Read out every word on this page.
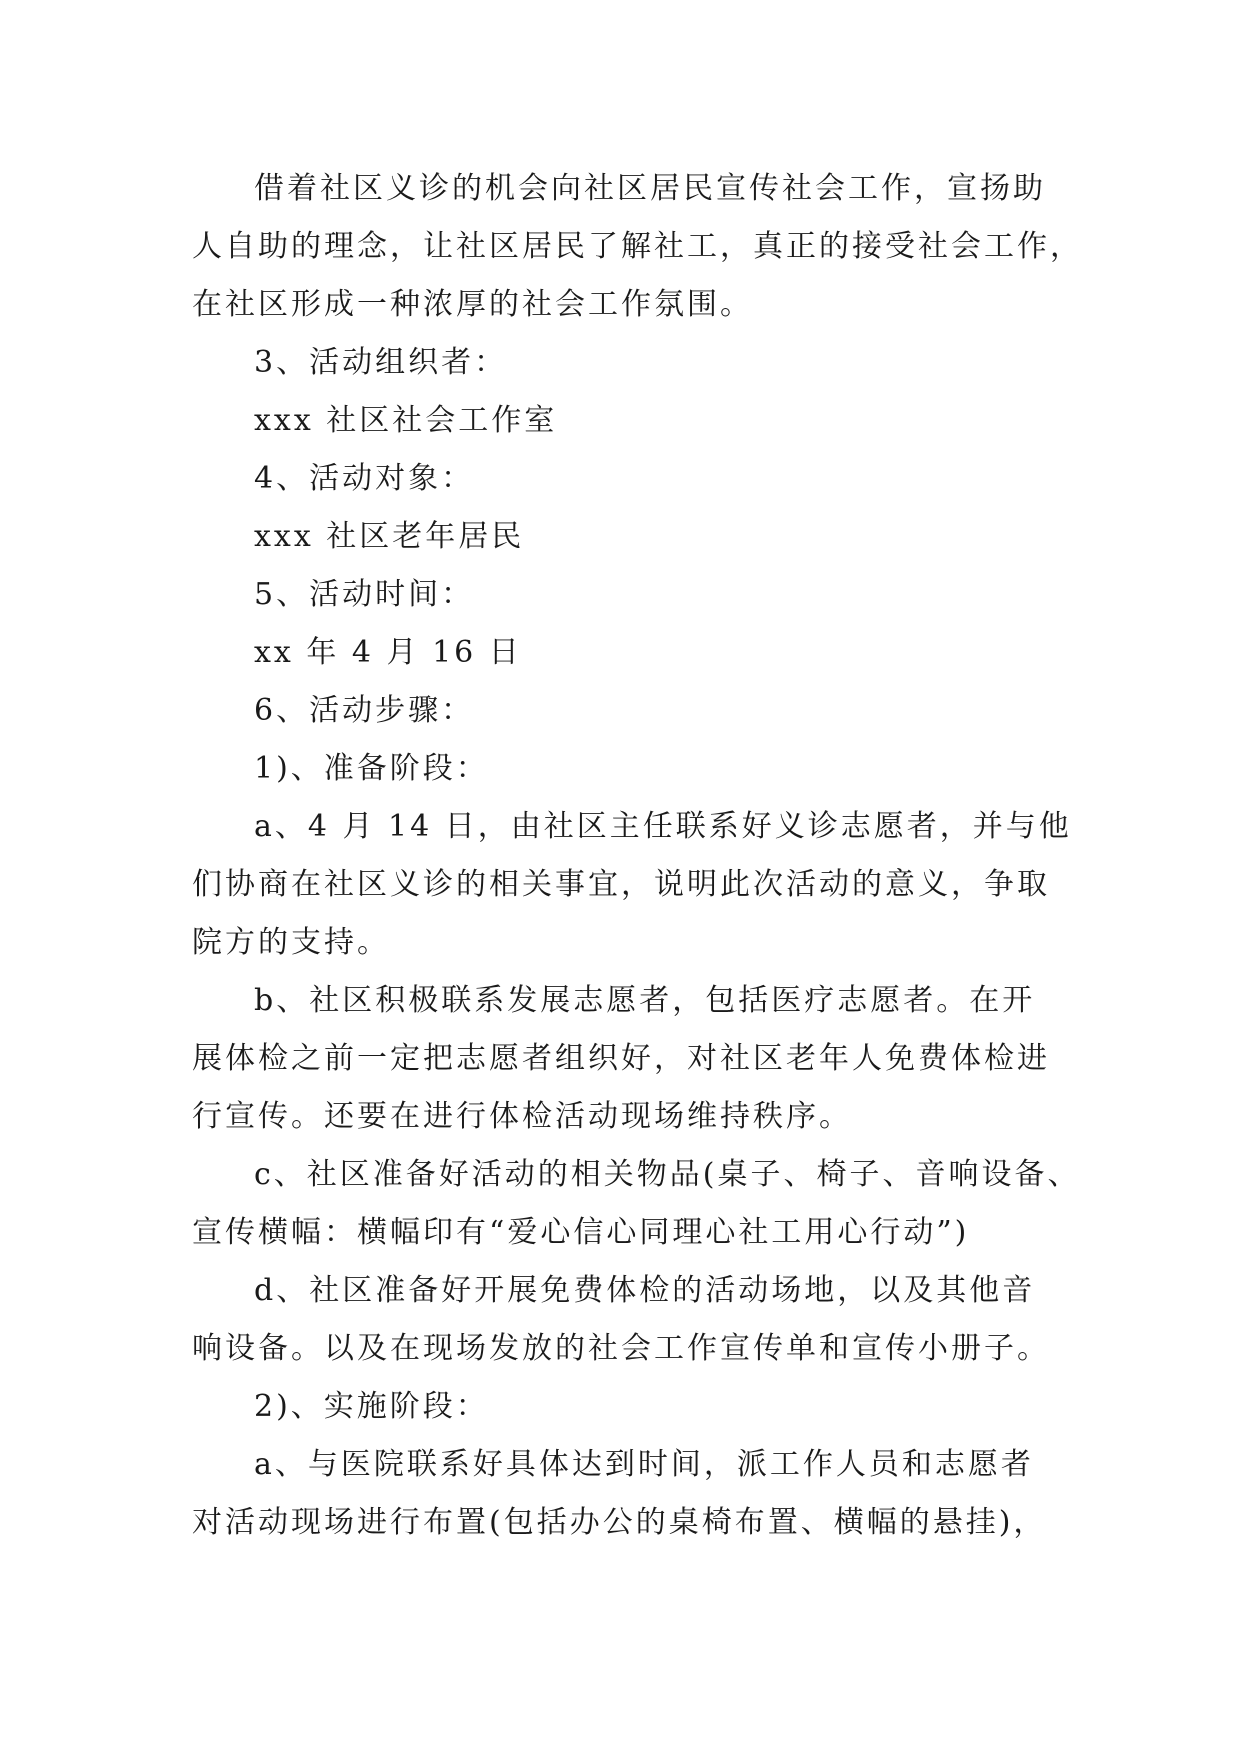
借着社区义诊的机会向社区居民宣传社会工作，宣扬助
人自助的理念，让社区居民了解社工，真正的接受社会工作，
在社区形成一种浓厚的社会工作氛围。
3、活动组织者：
xxx 社区社会工作室
4、活动对象：
xxx 社区老年居民
5、活动时间：
xx 年 4 月 16 日
6、活动步骤：
1)、准备阶段：
a、4 月 14 日，由社区主任联系好义诊志愿者，并与他
们协商在社区义诊的相关事宜，说明此次活动的意义，争取
院方的支持。
b、社区积极联系发展志愿者，包括医疗志愿者。在开
展体检之前一定把志愿者组织好，对社区老年人免费体检进
行宣传。还要在进行体检活动现场维持秩序。
c、社区准备好活动的相关物品(桌子、椅子、音响设备、
宣传横幅：横幅印有“爱心信心同理心社工用心行动”)
d、社区准备好开展免费体检的活动场地，以及其他音
响设备。以及在现场发放的社会工作宣传单和宣传小册子。
2)、实施阶段：
a、与医院联系好具体达到时间，派工作人员和志愿者
对活动现场进行布置(包括办公的桌椅布置、横幅的悬挂)，
